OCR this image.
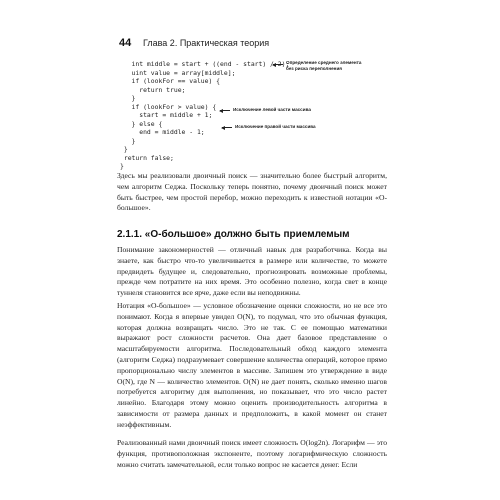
44 Глава 2. Практическая теория
int middle = start + ((end - start) / 2);
uint value = array[middle];
if (lookFor == value) {
return true;
}
if (lookFor > value) {
start = middle + 1;
} else {
end = middle - 1;
}
}
return false;
}
Определение среднего элемента
без риска переполнения
Исключение левой части массива
Исключение правой части массива

Здесь мы реализовали двоичный поиск — значительно более быстрый алгоритм, чем алгоритм Седжа. Поскольку теперь понятно, почему двоичный поиск может быть быстрее, чем простой перебор, можно переходить к известной нотации «О-большое».

2.1.1. «О-большое» должно быть приемлемым

Понимание закономерностей — отличный навык для разработчика. Когда вы знаете, как быстро что-то увеличивается в размере или количестве, то можете предвидеть будущее и, следовательно, прогнозировать возможные проблемы, прежде чем потратите на них время. Это особенно полезно, когда свет в конце туннеля становится все ярче, даже если вы неподвижны.

Нотация «О-большое» — условное обозначение оценки сложности, но не все это понимают. Когда я впервые увидел O(N), то подумал, что это обычная функция, которая должна возвращать число. Это не так. С ее помощью математики выражают рост сложности расчетов. Она дает базовое представление о масштабируемости алгоритма. Последовательный обход каждого элемента (алгоритм Седжа) подразумевает совершение количества операций, которое прямо пропорционально числу элементов в массиве. Запишем это утверждение в виде O(N), где N — количество элементов. O(N) не дает понять, сколько именно шагов потребуется алгоритму для выполнения, но показывает, что это число растет линейно. Благодаря этому можно оценить производительность алгоритма в зависимости от размера данных и предположить, в какой момент он станет неэффективным.

Реализованный нами двоичный поиск имеет сложность O(log2n). Логарифм — это функция, противоположная экспоненте, поэтому логарифмическую сложность можно считать замечательной, если только вопрос не касается денег. Если
